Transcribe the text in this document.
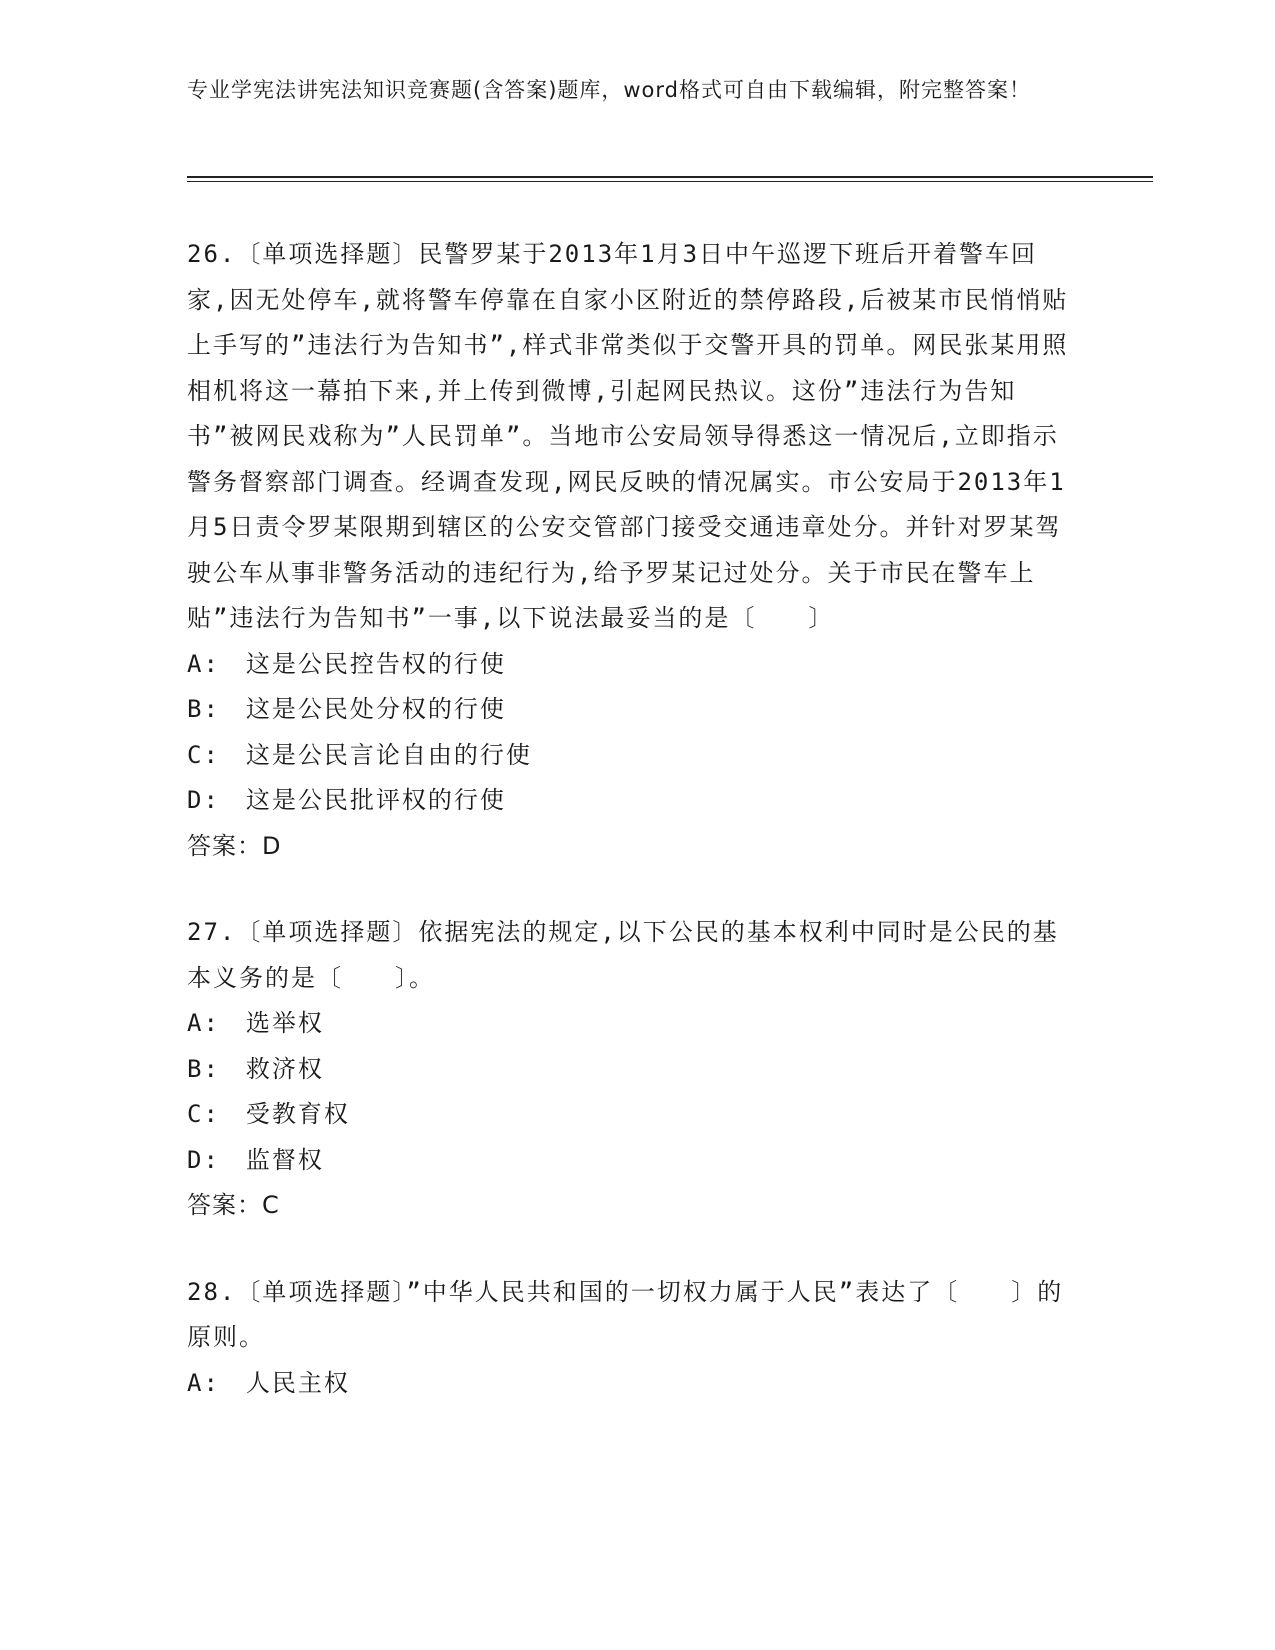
专业学宪法讲宪法知识竞赛题(含答案)题库，word格式可自由下载编辑，附完整答案！

26.〔单项选择题〕民警罗某于2013年1月3日中午巡逻下班后开着警车回家,因无处停车,就将警车停靠在自家小区附近的禁停路段,后被某市民悄悄贴上手写的”违法行为告知书”,样式非常类似于交警开具的罚单。网民张某用照相机将这一幕拍下来,并上传到微博,引起网民热议。这份”违法行为告知书”被网民戏称为”人民罚单”。当地市公安局领导得悉这一情况后,立即指示警务督察部门调查。经调查发现,网民反映的情况属实。市公安局于2013年1月5日责令罗某限期到辖区的公安交管部门接受交通违章处分。并针对罗某驾驶公车从事非警务活动的违纪行为,给予罗某记过处分。关于市民在警车上贴”违法行为告知书”一事,以下说法最妥当的是〔　　〕

A:　这是公民控告权的行使

B:　这是公民处分权的行使

C:　这是公民言论自由的行使

D:　这是公民批评权的行使

答案：D

27.〔单项选择题〕依据宪法的规定,以下公民的基本权利中同时是公民的基本义务的是〔　　〕。

A:　选举权

B:　救济权

C:　受教育权

D:　监督权

答案：C

28.〔单项选择题〕”中华人民共和国的一切权力属于人民”表达了〔　　〕的原则。

A:　人民主权
